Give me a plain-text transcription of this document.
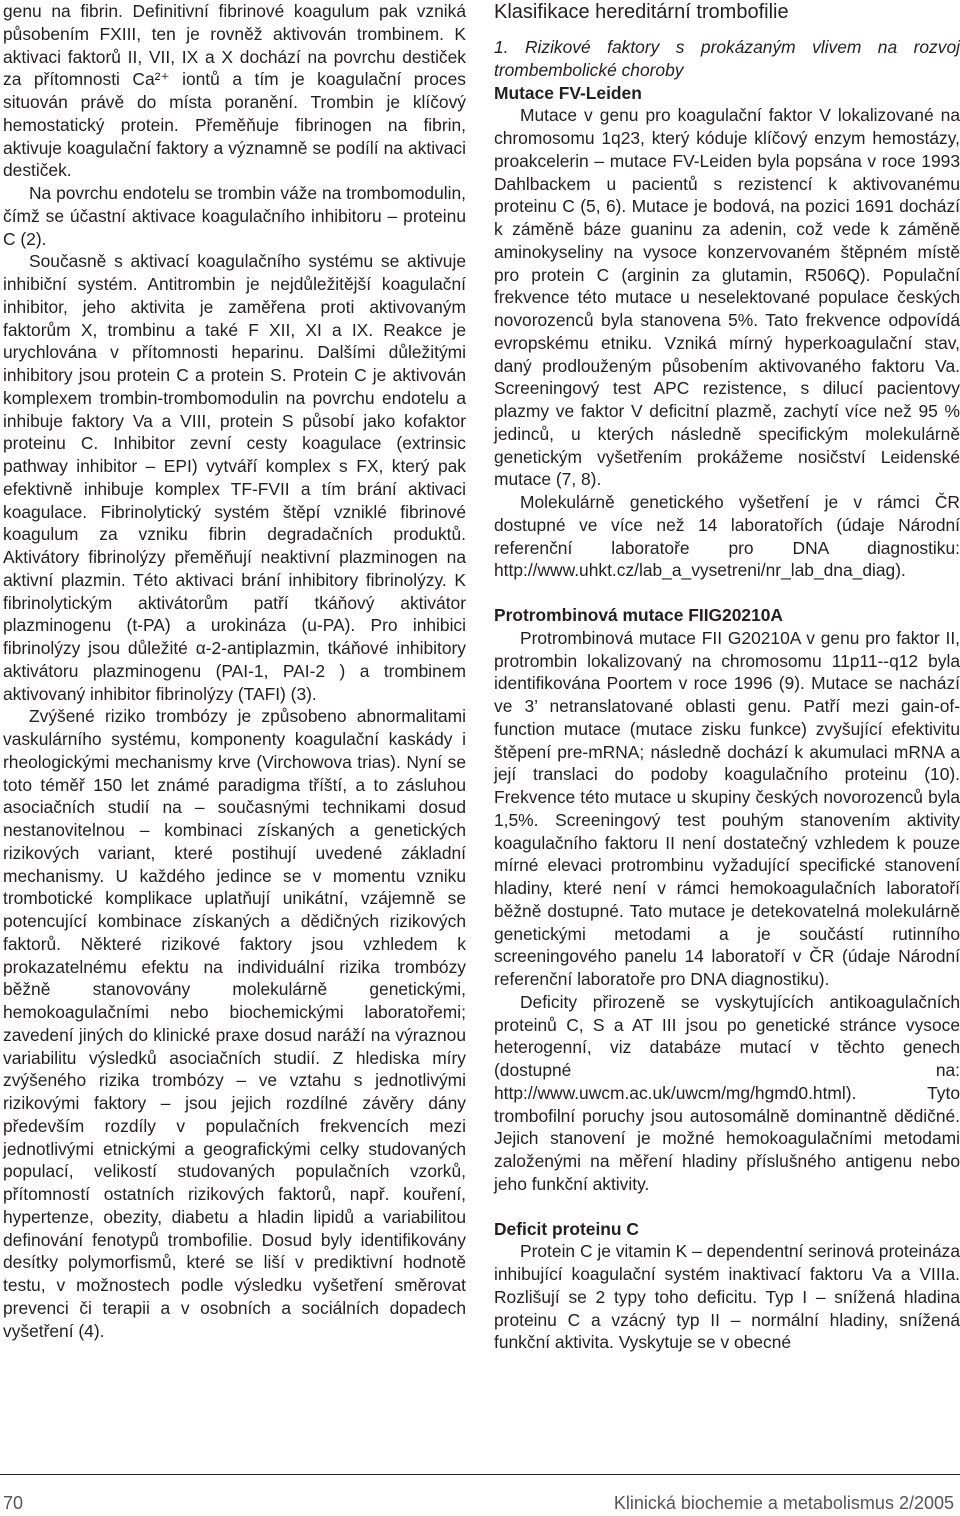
genu na fibrin. Definitivní fibrinové koagulum pak vzniká působením FXIII, ten je rovněž aktivován trombinem. K aktivaci faktorů II, VII, IX a X dochází na povrchu destiček za přítomnosti Ca²⁺ iontů a tím je koagulační proces situován právě do místa poranění. Trombin je klíčový hemostatický protein. Přeměňuje fibrinogen na fibrin, aktivuje koagulační faktory a významně se podílí na aktivaci destiček.

Na povrchu endotelu se trombin váže na trombomodulin, čímž se účastní aktivace koagulačního inhibitoru – proteinu C (2).

Současně s aktivací koagulačního systému se aktivuje inhibiční systém. Antitrombin je nejdůležitější koagulační inhibitor, jeho aktivita je zaměřena proti aktivovaným faktorům X, trombinu a také F XII, XI a IX. Reakce je urychlována v přítomnosti heparinu. Dalšími důležitými inhibitory jsou protein C a protein S. Protein C je aktivován komplexem trombin-trombomodulin na povrchu endotelu a inhibuje faktory Va a VIII, protein S působí jako kofaktor proteinu C. Inhibitor zevní cesty koagulace (extrinsic pathway inhibitor – EPI) vytváří komplex s FX, který pak efektivně inhibuje komplex TF-FVII a tím brání aktivaci koagulace. Fibrinolytický systém štěpí vzniklé fibrinové koagulum za vzniku fibrin degradačních produktů. Aktivátory fibrinolýzy přeměňují neaktivní plazminogen na aktivní plazmin. Této aktivaci brání inhibitory fibrinolýzy. K fibrinolytickým aktivátorům patří tkáňový aktivátor plazminogenu (t-PA) a urokináza (u-PA). Pro inhibici fibrinolýzy jsou důležité α-2-antiplazmin, tkáňové inhibitory aktivátoru plazminogenu (PAI-1, PAI-2 ) a trombinem aktivovaný inhibitor fibrinolýzy (TAFI) (3).

Zvýšené riziko trombózy je způsobeno abnormalitami vaskulárního systému, komponenty koagulační kaskády i rheologickými mechanismy krve (Virchowova trias). Nyní se toto téměř 150 let známé paradigma tříští, a to zásluhou asociačních studií na – současnými technikami dosud nestanovitelnou – kombinaci získaných a genetických rizikových variant, které postihují uvedené základní mechanismy. U každého jedince se v momentu vzniku trombotické komplikace uplatňují unikátní, vzájemně se potencující kombinace získaných a dědičných rizikových faktorů. Některé rizikové faktory jsou vzhledem k prokazatelnému efektu na individuální rizika trombózy běžně stanovovány molekulárně genetickými, hemokoagulačními nebo biochemickými laboratořemi; zavedení jiných do klinické praxe dosud naráží na výraznou variabilitu výsledků asociačních studií. Z hlediska míry zvýšeného rizika trombózy – ve vztahu s jednotlivými rizikovými faktory – jsou jejich rozdílné závěry dány především rozdíly v populačních frekvencích mezi jednotlivými etnickými a geografickými celky studovaných populací, velikostí studovaných populačních vzorků, přítomností ostatních rizikových faktorů, např. kouření, hypertenze, obezity, diabetu a hladin lipidů a variabilitou definování fenotypů trombofilie. Dosud byly identifikovány desítky polymorfismů, které se liší v prediktivní hodnotě testu, v možnostech podle výsledku vyšetření směrovat prevenci či terapii a v osobních a sociálních dopadech vyšetření (4).

Klasifikace hereditární trombofilie

1. Rizikové faktory s prokázaným vlivem na rozvoj trombembolické choroby

Mutace FV-Leiden

Mutace v genu pro koagulační faktor V lokalizované na chromosomu 1q23, který kóduje klíčový enzym hemostázy, proakcelerin – mutace FV-Leiden byla popsána v roce 1993 Dahlbackem u pacientů s rezistencí k aktivovanému proteinu C (5, 6). Mutace je bodová, na pozici 1691 dochází k záměně báze guaninu za adenin, což vede k záměně aminokyseliny na vysoce konzervovaném štěpném místě pro protein C (arginin za glutamin, R506Q). Populační frekvence této mutace u neselektované populace českých novorozenců byla stanovena 5%. Tato frekvence odpovídá evropskému etniku. Vzniká mírný hyperkoagulační stav, daný prodlouženým působením aktivovaného faktoru Va. Screeningový test APC rezistence, s dilucí pacientovy plazmy ve faktor V deficitní plazmě, zachytí více než 95 % jedinců, u kterých následně specifickým molekulárně genetickým vyšetřením prokážeme nosičství Leidenské mutace (7, 8).

Molekulárně genetického vyšetření je v rámci ČR dostupné ve více než 14 laboratořích (údaje Národní referenční laboratoře pro DNA diagnostiku: http://www.uhkt.cz/lab_a_vysetreni/nr_lab_dna_diag).

Protrombinová mutace FIIG20210A

Protrombinová mutace FII G20210A v genu pro faktor II, protrombin lokalizovaný na chromosomu 11p11--q12 byla identifikována Poortem v roce 1996 (9). Mutace se nachází ve 3’ netranslatované oblasti genu. Patří mezi gain-of-function mutace (mutace zisku funkce) zvyšující efektivitu štěpení pre-mRNA; následně dochází k akumulaci mRNA a její translaci do podoby koagulačního proteinu (10). Frekvence této mutace u skupiny českých novorozenců byla 1,5%. Screeningový test pouhým stanovením aktivity koagulačního faktoru II není dostatečný vzhledem k pouze mírné elevaci protrombinu vyžadující specifické stanovení hladiny, které není v rámci hemokoagulačních laboratoří běžně dostupné. Tato mutace je detekovatelná molekulárně genetickými metodami a je součástí rutinního screeningového panelu 14 laboratoří v ČR (údaje Národní referenční laboratoře pro DNA diagnostiku).

Deficity přirozeně se vyskytujících antikoagulačních proteinů C, S a AT III jsou po genetické stránce vysoce heterogenní, viz databáze mutací v těchto genech (dostupné na: http://www.uwcm.ac.uk/uwcm/mg/hgmd0.html). Tyto trombofilní poruchy jsou autosomálně dominantně dědičné. Jejich stanovení je možné hemokoagulačními metodami založenými na měření hladiny příslušného antigenu nebo jeho funkční aktivity.

Deficit proteinu C

Protein C je vitamin K – dependentní serinová proteináza inhibující koagulační systém inaktivací faktoru Va a VIIIa. Rozlišují se 2 typy toho deficitu. Typ I – snížená hladina proteinu C a vzácný typ II – normální hladiny, snížená funkční aktivita. Vyskytuje se v obecné

70	Klinická biochemie a metabolismus 2/2005
